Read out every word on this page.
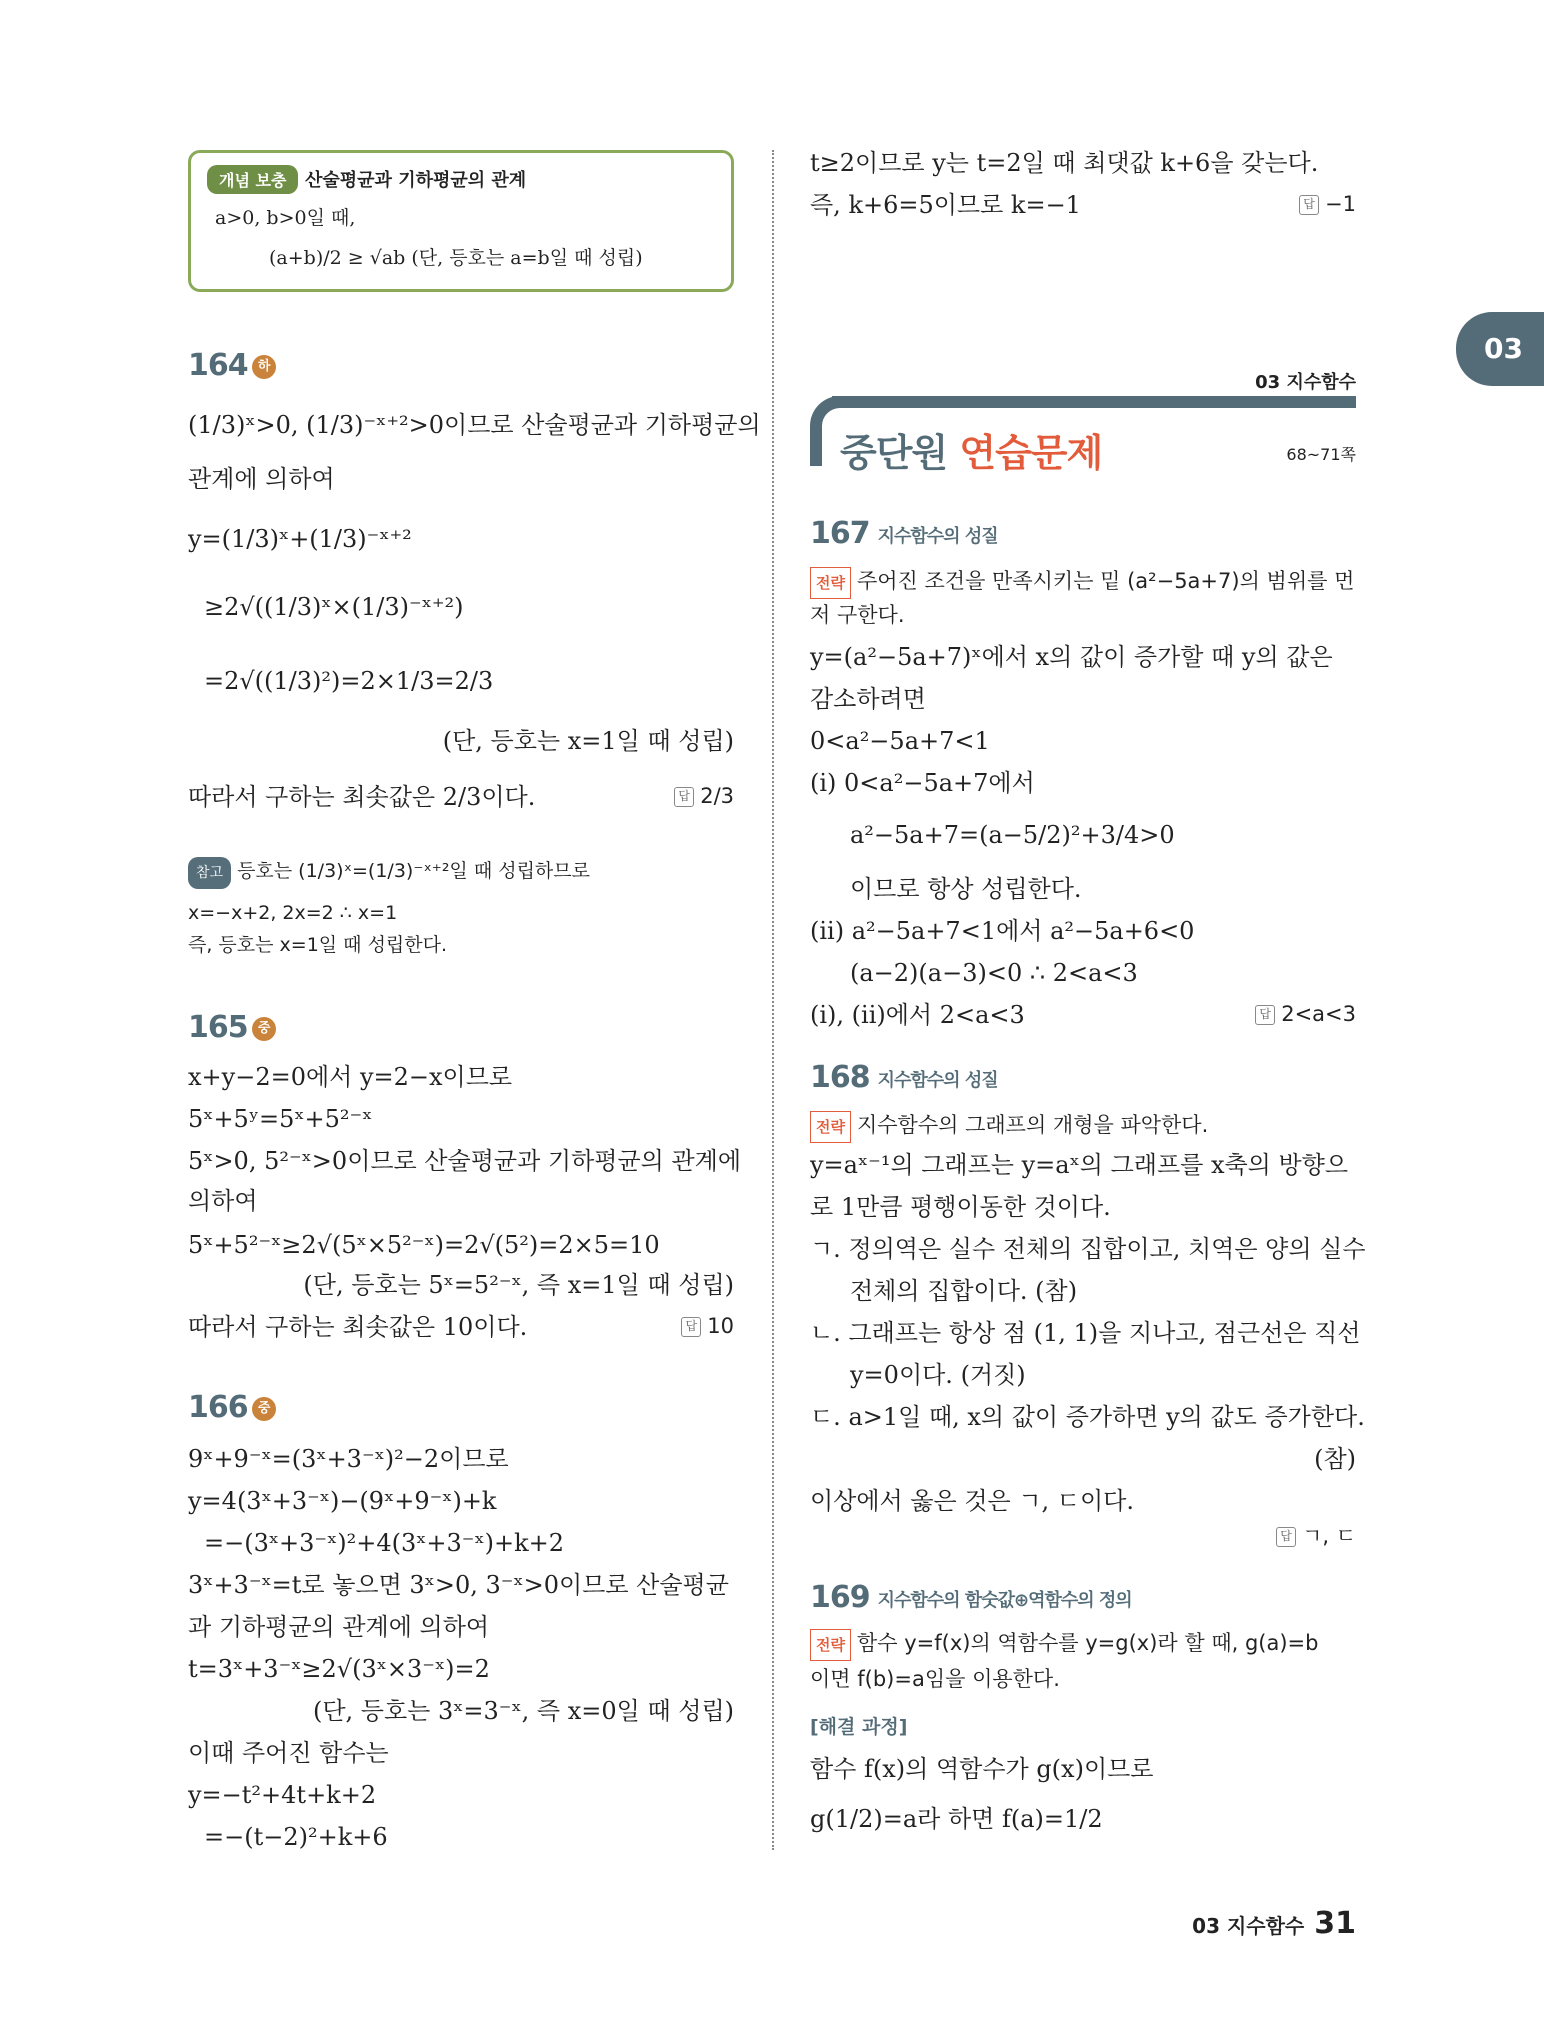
개념 보충	산술평균과 기하평균의 관계
a>0, b>0일 때,
(a+b)/2 ≥ √ab (단, 등호는 a=b일 때 성립)
164 하
(1/3)ˣ>0, (1/3)⁻ˣ⁺²>0이므로 산술평균과 기하평균의
관계에 의하여
y=(1/3)ˣ+(1/3)⁻ˣ⁺²
≥2√((1/3)ˣ×(1/3)⁻ˣ⁺²)
=2√((1/3)²)=2×1/3=2/3
(단, 등호는 x=1일 때 성립)
따라서 구하는 최솟값은 2/3이다.	답 2/3
참고 등호는 (1/3)ˣ=(1/3)⁻ˣ⁺²일 때 성립하므로
x=−x+2, 2x=2 ∴ x=1
즉, 등호는 x=1일 때 성립한다.
165 중
x+y−2=0에서 y=2−x이므로
5ˣ+5ʸ=5ˣ+5²⁻ˣ
5ˣ>0, 5²⁻ˣ>0이므로 산술평균과 기하평균의 관계에
의하여
5ˣ+5²⁻ˣ≥2√(5ˣ×5²⁻ˣ)=2√(5²)=2×5=10
(단, 등호는 5ˣ=5²⁻ˣ, 즉 x=1일 때 성립)
따라서 구하는 최솟값은 10이다.	답 10
166 중
9ˣ+9⁻ˣ=(3ˣ+3⁻ˣ)²−2이므로
y=4(3ˣ+3⁻ˣ)−(9ˣ+9⁻ˣ)+k
=−(3ˣ+3⁻ˣ)²+4(3ˣ+3⁻ˣ)+k+2
3ˣ+3⁻ˣ=t로 놓으면 3ˣ>0, 3⁻ˣ>0이므로 산술평균
과 기하평균의 관계에 의하여
t=3ˣ+3⁻ˣ≥2√(3ˣ×3⁻ˣ)=2
(단, 등호는 3ˣ=3⁻ˣ, 즉 x=0일 때 성립)
이때 주어진 함수는
y=−t²+4t+k+2
=−(t−2)²+k+6
t≥2이므로 y는 t=2일 때 최댓값 k+6을 갖는다.
즉, k+6=5이므로 k=−1	답 −1
167 지수함수의 성질
전략 주어진 조건을 만족시키는 밑 (a²−5a+7)의 범위를 먼
저 구한다.
y=(a²−5a+7)ˣ에서 x의 값이 증가할 때 y의 값은
감소하려면
0<a²−5a+7<1
(i) 0<a²−5a+7에서
a²−5a+7=(a−5/2)²+3/4>0
이므로 항상 성립한다.
(ii) a²−5a+7<1에서 a²−5a+6<0
(a−2)(a−3)<0 ∴ 2<a<3
(i), (ii)에서 2<a<3	답 2<a<3
168 지수함수의 성질
전략 지수함수의 그래프의 개형을 파악한다.
y=aˣ⁻¹의 그래프는 y=aˣ의 그래프를 x축의 방향으
로 1만큼 평행이동한 것이다.
ㄱ. 정의역은 실수 전체의 집합이고, 치역은 양의 실수
전체의 집합이다. (참)
ㄴ. 그래프는 항상 점 (1, 1)을 지나고, 점근선은 직선
y=0이다. (거짓)
ㄷ. a>1일 때, x의 값이 증가하면 y의 값도 증가한다.
(참)
이상에서 옳은 것은 ㄱ, ㄷ이다.
답 ㄱ, ㄷ
169 지수함수의 함숫값⊕역함수의 정의
전략 함수 y=f(x)의 역함수를 y=g(x)라 할 때, g(a)=b
이면 f(b)=a임을 이용한다.
[해결 과정]
함수 f(x)의 역함수가 g(x)이므로
g(1/2)=a라 하면 f(a)=1/2
03
03 지수함수
중단원 연습문제	68~71쪽
03 지수함수 31
